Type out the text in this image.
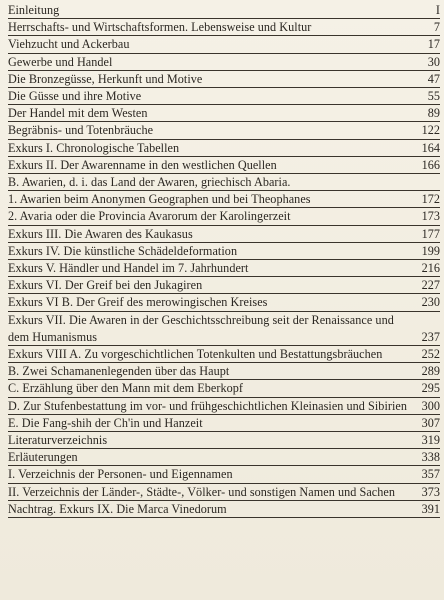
Einleitung	I
Herrschafts- und Wirtschaftsformen. Lebensweise und Kultur	7
Viehzucht und Ackerbau	17
Gewerbe und Handel	30
Die Bronzegüsse, Herkunft und Motive	47
Die Güsse und ihre Motive	55
Der Handel mit dem Westen	89
Begräbnis- und Totenbräuche	122
Exkurs I. Chronologische Tabellen	164
Exkurs II. Der Awarenname in den westlichen Quellen	166
B. Awarien, d. i. das Land der Awaren, griechisch Abaria.
1. Awarien beim Anonymen Geographen und bei Theophanes	172
2. Avaria oder die Provincia Avarorum der Karolingerzeit	173
Exkurs III. Die Awaren des Kaukasus	177
Exkurs IV. Die künstliche Schädeldeformation	199
Exkurs V. Händler und Handel im 7. Jahrhundert	216
Exkurs VI. Der Greif bei den Jukagiren	227
Exkurs VI B. Der Greif des merowingischen Kreises	230
Exkurs VII. Die Awaren in der Geschichtsschreibung seit der Renaissance und dem Humanismus	237
Exkurs VIII A. Zu vorgeschichtlichen Totenkulten und Bestattungsbräuchen	252
B. Zwei Schamanenlegenden über das Haupt	289
C. Erzählung über den Mann mit dem Eberkopf	295
D. Zur Stufenbestattung im vor- und frühgeschichtlichen Kleinasien und Sibirien	300
E. Die Fang-shih der Ch'in und Hanzeit	307
Literaturverzeichnis	319
Erläuterungen	338
I. Verzeichnis der Personen- und Eigennamen	357
II. Verzeichnis der Länder-, Städte-, Völker- und sonstigen Namen und Sachen	373
Nachtrag. Exkurs IX. Die Marca Vinedorum	391
